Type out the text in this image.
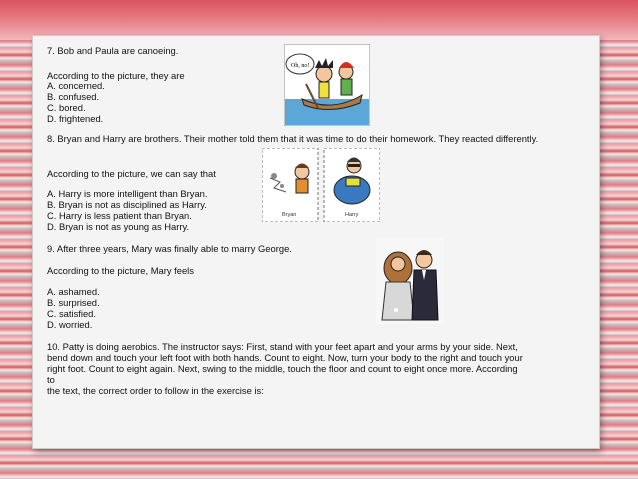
7. Bob and Paula are canoeing.
According to the picture, they are
A. concerned.
B. confused.
C. bored.
D. frightened.
Oh, no!
8. Bryan and Harry are brothers. Their mother told them that it was time to do their homework. They reacted differently.
According to the picture, we can say that
A. Harry is more intelligent than Bryan.
B. Bryan is not as disciplined as Harry.
C. Harry is less patient than Bryan.
D. Bryan is not as young as Harry.
Bryan	Harry
9. After three years, Mary was finally able to marry George.
According to the picture, Mary feels
A. ashamed.
B. surprised.
C. satisfied.
D. worried.
10. Patty is doing aerobics. The instructor says: First, stand with your feet apart and your arms by your side. Next,
bend down and touch your left foot with both hands. Count to eight. Now, turn your body to the right and touch your
right foot. Count to eight again. Next, swing to the middle, touch the floor and count to eight once more. According
to
the text, the correct order to follow in the exercise is:
